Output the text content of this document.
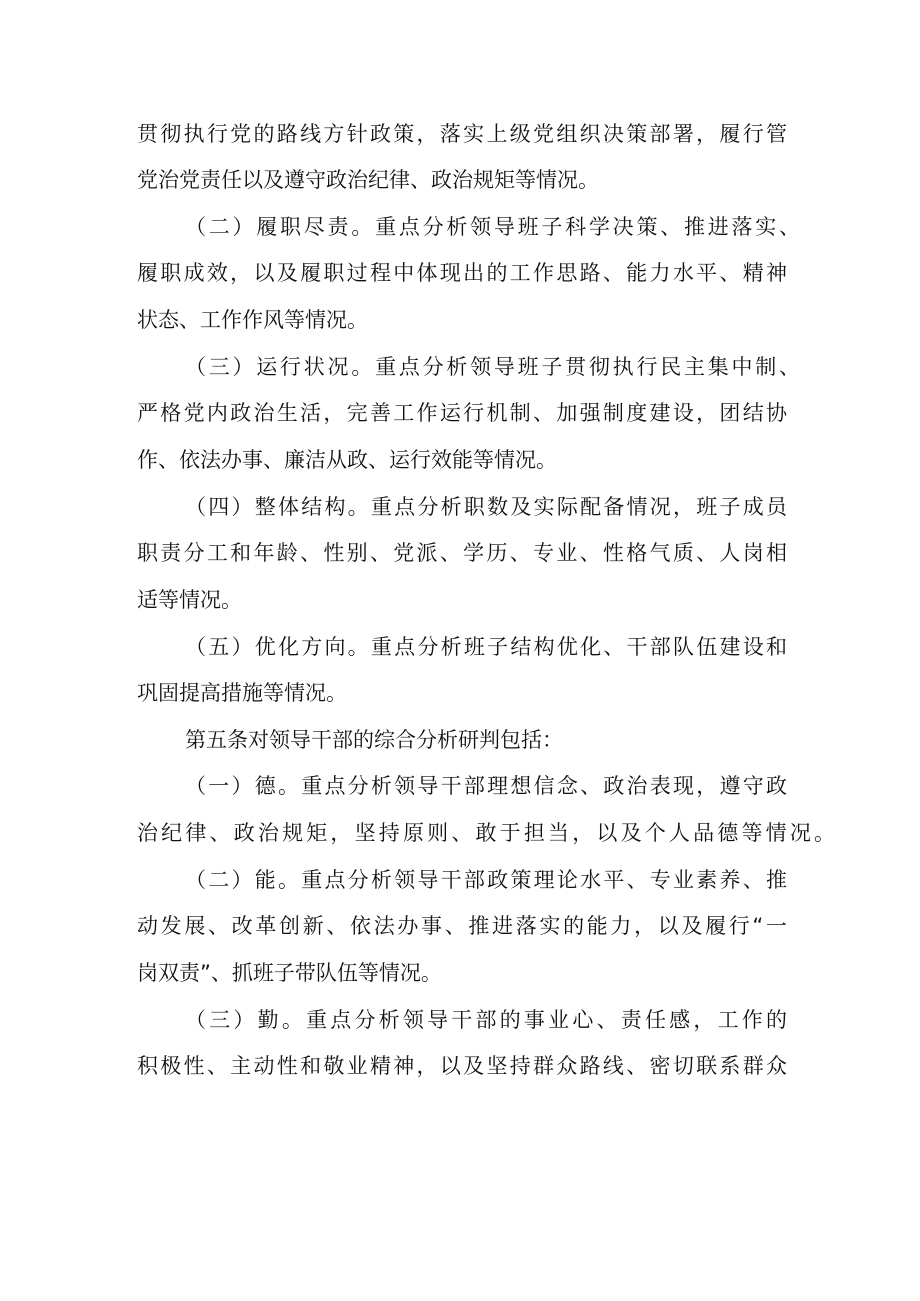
贯彻执行党的路线方针政策，落实上级党组织决策部署，履行管

党治党责任以及遵守政治纪律、政治规矩等情况。

（二）履职尽责。重点分析领导班子科学决策、推进落实、

履职成效，以及履职过程中体现出的工作思路、能力水平、精神

状态、工作作风等情况。

（三）运行状况。重点分析领导班子贯彻执行民主集中制、

严格党内政治生活，完善工作运行机制、加强制度建设，团结协

作、依法办事、廉洁从政、运行效能等情况。

（四）整体结构。重点分析职数及实际配备情况，班子成员

职责分工和年龄、性别、党派、学历、专业、性格气质、人岗相

适等情况。

（五）优化方向。重点分析班子结构优化、干部队伍建设和

巩固提高措施等情况。

第五条对领导干部的综合分析研判包括：

（一）德。重点分析领导干部理想信念、政治表现，遵守政

治纪律、政治规矩，坚持原则、敢于担当，以及个人品德等情况。

（二）能。重点分析领导干部政策理论水平、专业素养、推

动发展、改革创新、依法办事、推进落实的能力，以及履行“一

岗双责”、抓班子带队伍等情况。

（三）勤。重点分析领导干部的事业心、责任感，工作的

积极性、主动性和敬业精神，以及坚持群众路线、密切联系群众
